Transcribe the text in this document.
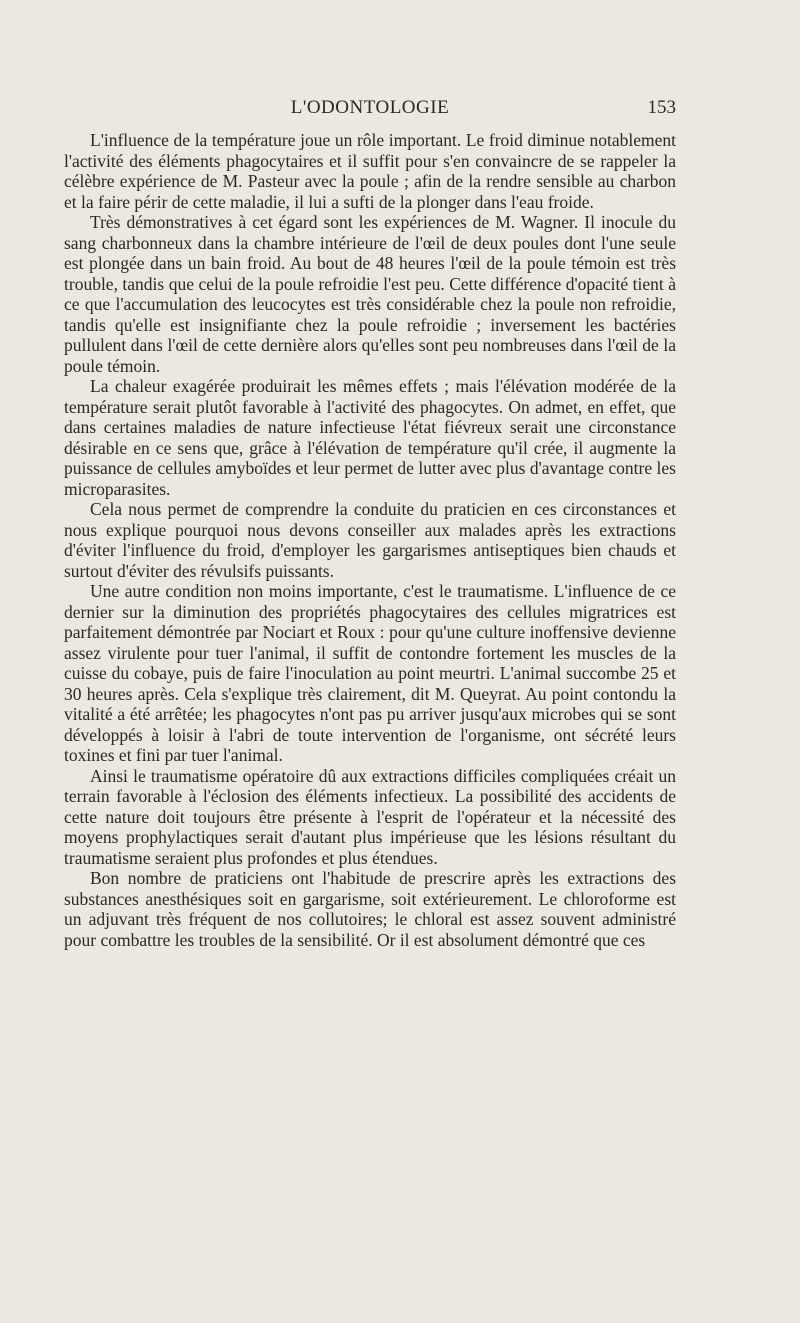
L'ODONTOLOGIE	153

L'influence de la température joue un rôle important. Le froid diminue notablement l'activité des éléments phagocytaires et il suffit pour s'en convaincre de se rappeler la célèbre expérience de M. Pasteur avec la poule ; afin de la rendre sensible au charbon et la faire périr de cette maladie, il lui a sufti de la plonger dans l'eau froide.

Très démonstratives à cet égard sont les expériences de M. Wagner. Il inocule du sang charbonneux dans la chambre intérieure de l'œil de deux poules dont l'une seule est plongée dans un bain froid. Au bout de 48 heures l'œil de la poule témoin est très trouble, tandis que celui de la poule refroidie l'est peu. Cette différence d'opacité tient à ce que l'accumulation des leucocytes est très considérable chez la poule non refroidie, tandis qu'elle est insignifiante chez la poule refroidie ; inversement les bactéries pullulent dans l'œil de cette dernière alors qu'elles sont peu nombreuses dans l'œil de la poule témoin.

La chaleur exagérée produirait les mêmes effets ; mais l'élévation modérée de la température serait plutôt favorable à l'activité des phagocytes. On admet, en effet, que dans certaines maladies de nature infectieuse l'état fiévreux serait une circonstance désirable en ce sens que, grâce à l'élévation de température qu'il crée, il augmente la puissance de cellules amyboïdes et leur permet de lutter avec plus d'avantage contre les microparasites.

Cela nous permet de comprendre la conduite du praticien en ces circonstances et nous explique pourquoi nous devons conseiller aux malades après les extractions d'éviter l'influence du froid, d'employer les gargarismes antiseptiques bien chauds et surtout d'éviter des révulsifs puissants.

Une autre condition non moins importante, c'est le traumatisme. L'influence de ce dernier sur la diminution des propriétés phagocytaires des cellules migratrices est parfaitement démontrée par Nociart et Roux : pour qu'une culture inoffensive devienne assez virulente pour tuer l'animal, il suffit de contondre fortement les muscles de la cuisse du cobaye, puis de faire l'inoculation au point meurtri. L'animal succombe 25 et 30 heures après. Cela s'explique très clairement, dit M. Queyrat. Au point contondu la vitalité a été arrêtée; les phagocytes n'ont pas pu arriver jusqu'aux microbes qui se sont développés à loisir à l'abri de toute intervention de l'organisme, ont sécrété leurs toxines et fini par tuer l'animal.

Ainsi le traumatisme opératoire dû aux extractions difficiles compliquées créait un terrain favorable à l'éclosion des éléments infectieux. La possibilité des accidents de cette nature doit toujours être présente à l'esprit de l'opérateur et la nécessité des moyens prophylactiques serait d'autant plus impérieuse que les lésions résultant du traumatisme seraient plus profondes et plus étendues.

Bon nombre de praticiens ont l'habitude de prescrire après les extractions des substances anesthésiques soit en gargarisme, soit extérieurement. Le chloroforme est un adjuvant très fréquent de nos collutoires; le chloral est assez souvent administré pour combattre les troubles de la sensibilité. Or il est absolument démontré que ces
